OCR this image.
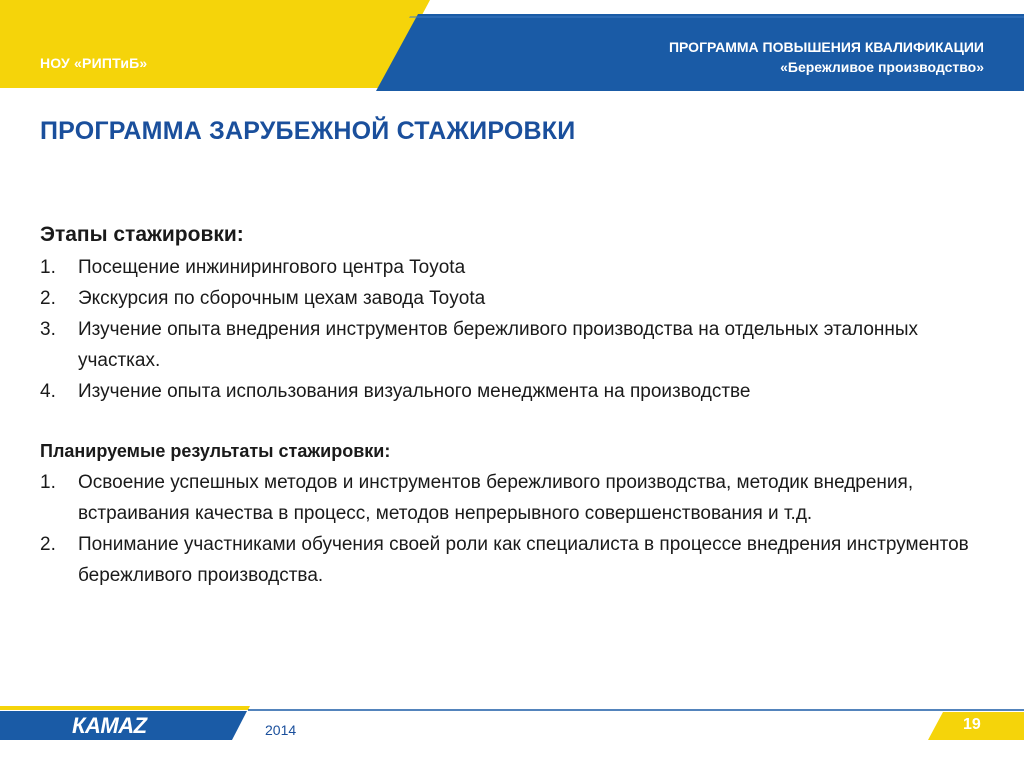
НОУ «РИПТиБ»
ПРОГРАММА ПОВЫШЕНИЯ КВАЛИФИКАЦИИ
«Бережливое производство»
ПРОГРАММА ЗАРУБЕЖНОЙ СТАЖИРОВКИ

Этапы стажировки:

1. Посещение инжинирингового центра Toyota
2. Экскурсия по сборочным цехам завода Toyota
3. Изучение опыта внедрения инструментов бережливого производства на отдельных эталонных участках.
4. Изучение опыта использования визуального менеджмента на производстве

Планируемые результаты стажировки:

1. Освоение успешных методов и инструментов бережливого производства, методик внедрения, встраивания качества в процесс, методов непрерывного совершенствования и т.д.
2. Понимание участниками обучения своей роли как специалиста в процессе внедрения инструментов бережливого производства.
КАМАZ	2014	19
